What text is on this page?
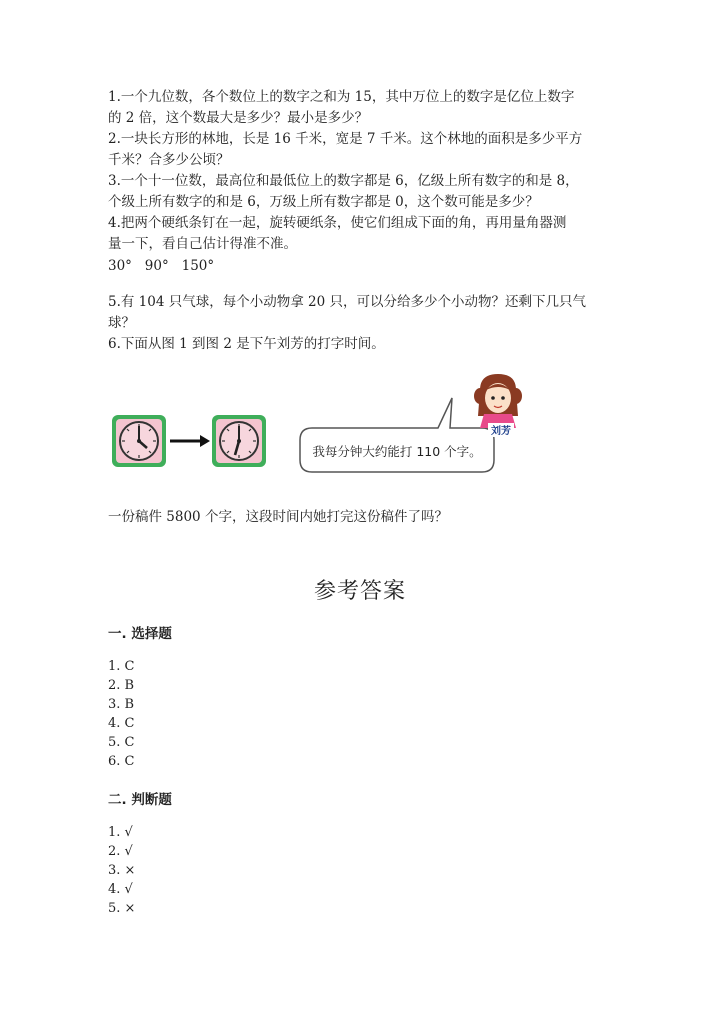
1.一个九位数，各个数位上的数字之和为 15，其中万位上的数字是亿位上数字
的 2 倍，这个数最大是多少？最小是多少？
2.一块长方形的林地，长是 16 千米，宽是 7 千米。这个林地的面积是多少平方
千米？合多少公顷？
3.一个十一位数，最高位和最低位上的数字都是 6，亿级上所有数字的和是 8，
个级上所有数字的和是 6，万级上所有数字都是 0，这个数可能是多少？
4.把两个硬纸条钉在一起，旋转硬纸条，使它们组成下面的角，再用量角器测
量一下，看自己估计得准不准。
30°   90°   150°
5.有 104 只气球，每个小动物拿 20 只，可以分给多少个小动物？还剩下几只气
球？
6.下面从图 1 到图 2 是下午刘芳的打字时间。
我每分钟大约能打 110 个字。
刘芳
一份稿件 5800 个字，这段时间内她打完这份稿件了吗？
参考答案
一. 选择题
1. C
2. B
3. B
4. C
5. C
6. C
二. 判断题
1. √
2. √
3. ×
4. √
5. ×
